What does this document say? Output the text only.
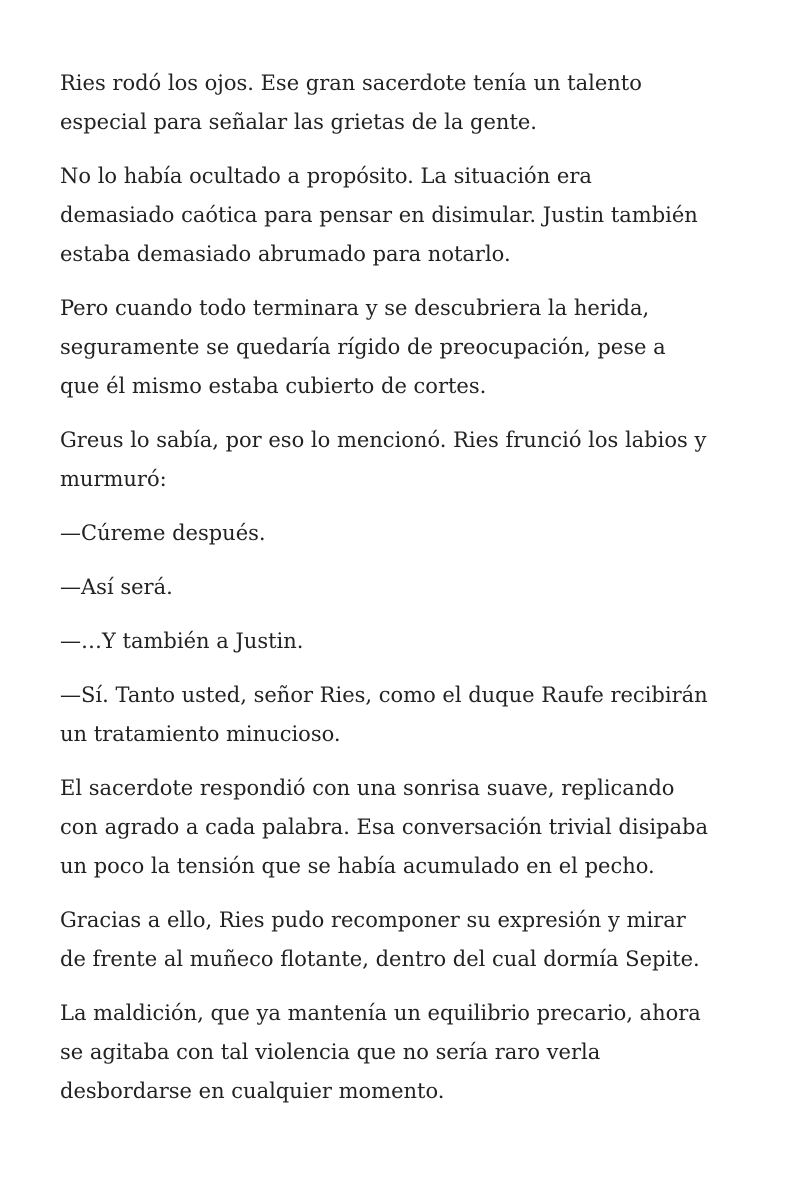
Ries rodó los ojos. Ese gran sacerdote tenía un talento
especial para señalar las grietas de la gente.

No lo había ocultado a propósito. La situación era
demasiado caótica para pensar en disimular. Justin también
estaba demasiado abrumado para notarlo.

Pero cuando todo terminara y se descubriera la herida,
seguramente se quedaría rígido de preocupación, pese a
que él mismo estaba cubierto de cortes.

Greus lo sabía, por eso lo mencionó. Ries frunció los labios y
murmuró:

—Cúreme después.

—Así será.

—…Y también a Justin.

—Sí. Tanto usted, señor Ries, como el duque Raufe recibirán
un tratamiento minucioso.

El sacerdote respondió con una sonrisa suave, replicando
con agrado a cada palabra. Esa conversación trivial disipaba
un poco la tensión que se había acumulado en el pecho.

Gracias a ello, Ries pudo recomponer su expresión y mirar
de frente al muñeco flotante, dentro del cual dormía Sepite.

La maldición, que ya mantenía un equilibrio precario, ahora
se agitaba con tal violencia que no sería raro verla
desbordarse en cualquier momento.
